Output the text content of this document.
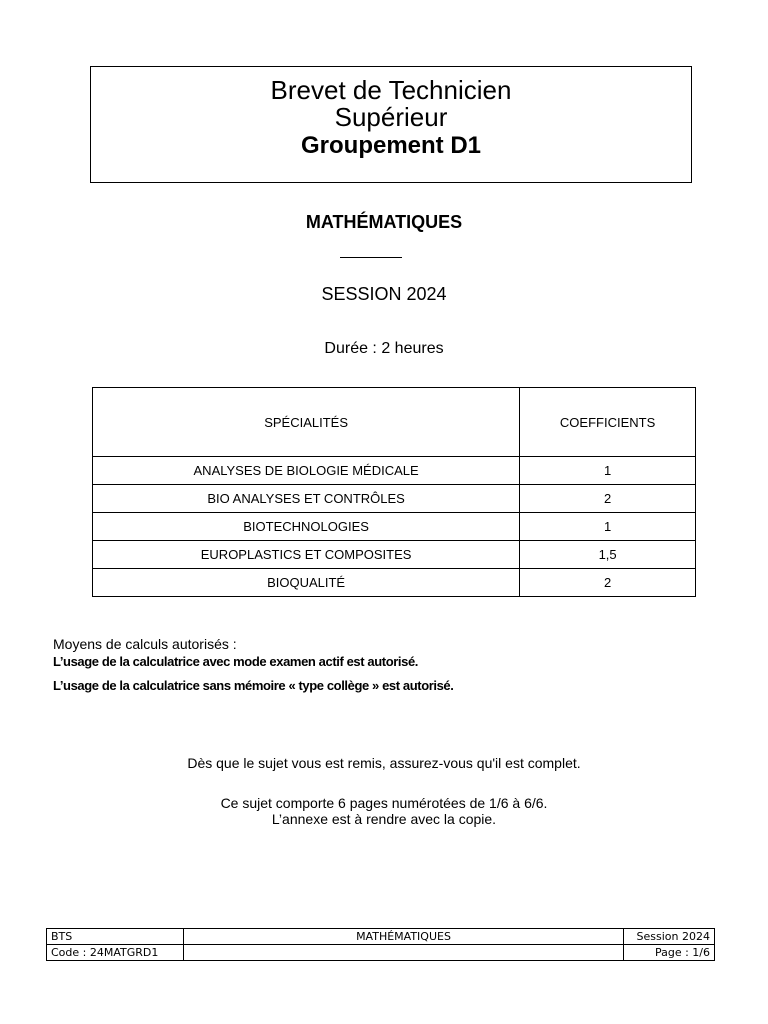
Brevet de Technicien
Supérieur
Groupement D1
MATHÉMATIQUES
SESSION 2024
Durée : 2 heures
SPÉCIALITÉS	COEFFICIENTS
ANALYSES DE BIOLOGIE MÉDICALE	1
BIO ANALYSES ET CONTRÔLES	2
BIOTECHNOLOGIES	1
EUROPLASTICS ET COMPOSITES	1,5
BIOQUALITÉ	2
Moyens de calculs autorisés :
L’usage de la calculatrice avec mode examen actif est autorisé.
L’usage de la calculatrice sans mémoire « type collège » est autorisé.
Dès que le sujet vous est remis, assurez-vous qu'il est complet.
Ce sujet comporte 6 pages numérotées de 1/6 à 6/6.
L’annexe est à rendre avec la copie.
BTS	MATHÉMATIQUES	Session 2024
Code : 24MATGRD1		Page : 1/6
